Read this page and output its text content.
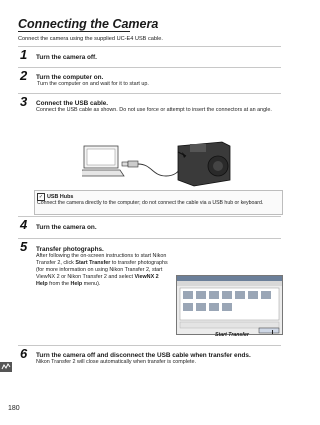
Connecting the Camera
Connect the camera using the supplied UC-E4 USB cable.
1 Turn the camera off.
2 Turn the computer on.
Turn the computer on and wait for it to start up.
3 Connect the USB cable.
Connect the USB cable as shown. Do not use force or attempt to insert the connectors at an angle.
✓ USB Hubs
Connect the camera directly to the computer; do not connect the cable via a USB hub or keyboard.
4 Turn the camera on.
5 Transfer photographs.
After following the on-screen instructions to start Nikon Transfer 2, click Start Transfer to transfer photographs (for more information on using Nikon Transfer 2, start ViewNX 2 or Nikon Transfer 2 and select ViewNX 2 Help from the Help menu).
Start Transfer
6 Turn the camera off and disconnect the USB cable when transfer ends.
Nikon Transfer 2 will close automatically when transfer is complete.
180
